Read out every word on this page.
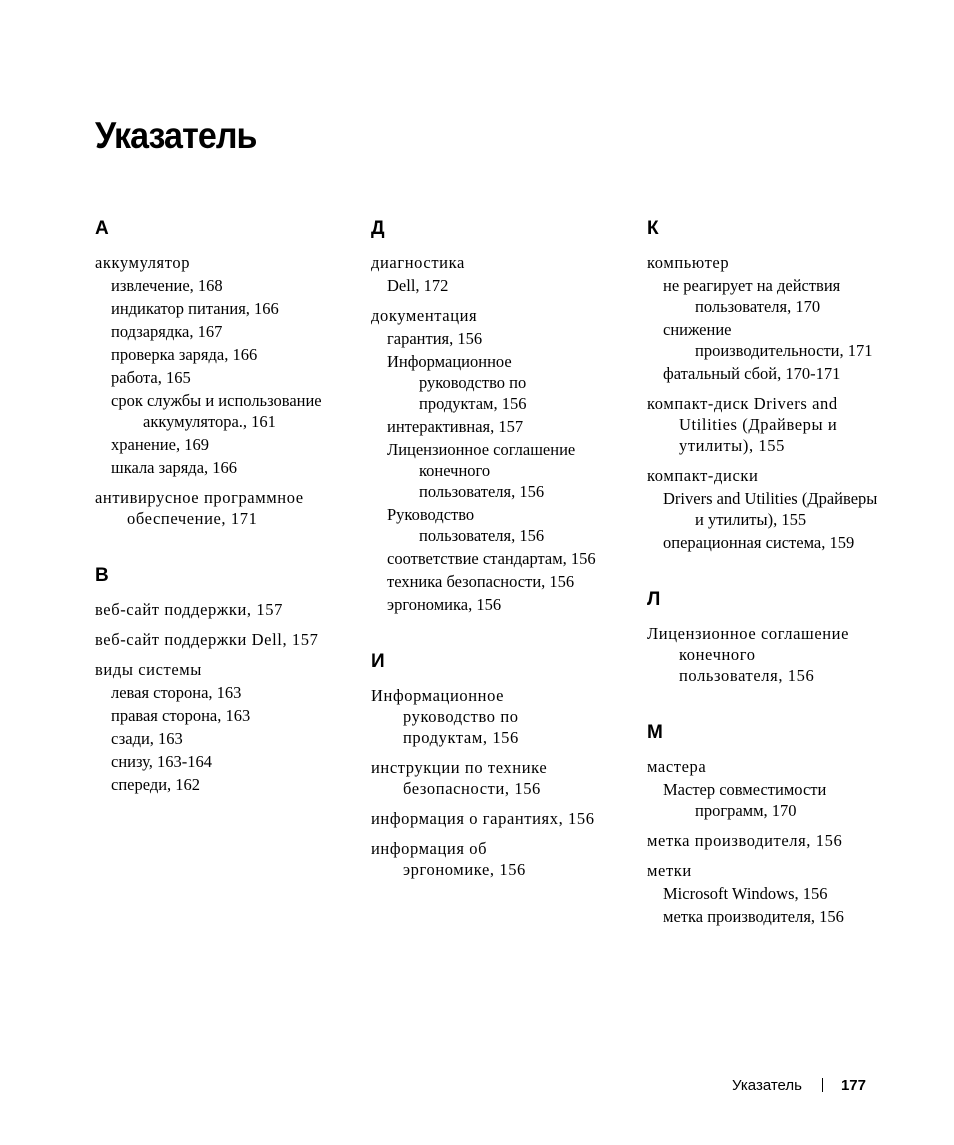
Указатель
А
аккумулятор
извлечение, 168
индикатор питания, 166
подзарядка, 167
проверка заряда, 166
работа, 165
срок службы и использование
аккумулятора., 161
хранение, 169
шкала заряда, 166
антивирусное программное
обеспечение, 171
В
веб-сайт поддержки, 157
веб-сайт поддержки Dell, 157
виды системы
левая сторона, 163
правая сторона, 163
сзади, 163
снизу, 163-164
спереди, 162
Д
диагностика
Dell, 172
документация
гарантия, 156
Информационное
руководство по
продуктам, 156
интерактивная, 157
Лицензионное соглашение
конечного
пользователя, 156
Руководство
пользователя, 156
соответствие стандартам, 156
техника безопасности, 156
эргономика, 156
И
Информационное
руководство по
продуктам, 156
инструкции по технике
безопасности, 156
информация о гарантиях, 156
информация об
эргономике, 156
К
компьютер
не реагирует на действия
пользователя, 170
снижение
производительности, 171
фатальный сбой, 170-171
компакт-диск Drivers and
Utilities (Драйверы и
утилиты), 155
компакт-диски
Drivers and Utilities (Драйверы
и утилиты), 155
операционная система, 159
Л
Лицензионное соглашение
конечного
пользователя, 156
М
мастера
Мастер совместимости
программ, 170
метка производителя, 156
метки
Microsoft Windows, 156
метка производителя, 156
Указатель	177
